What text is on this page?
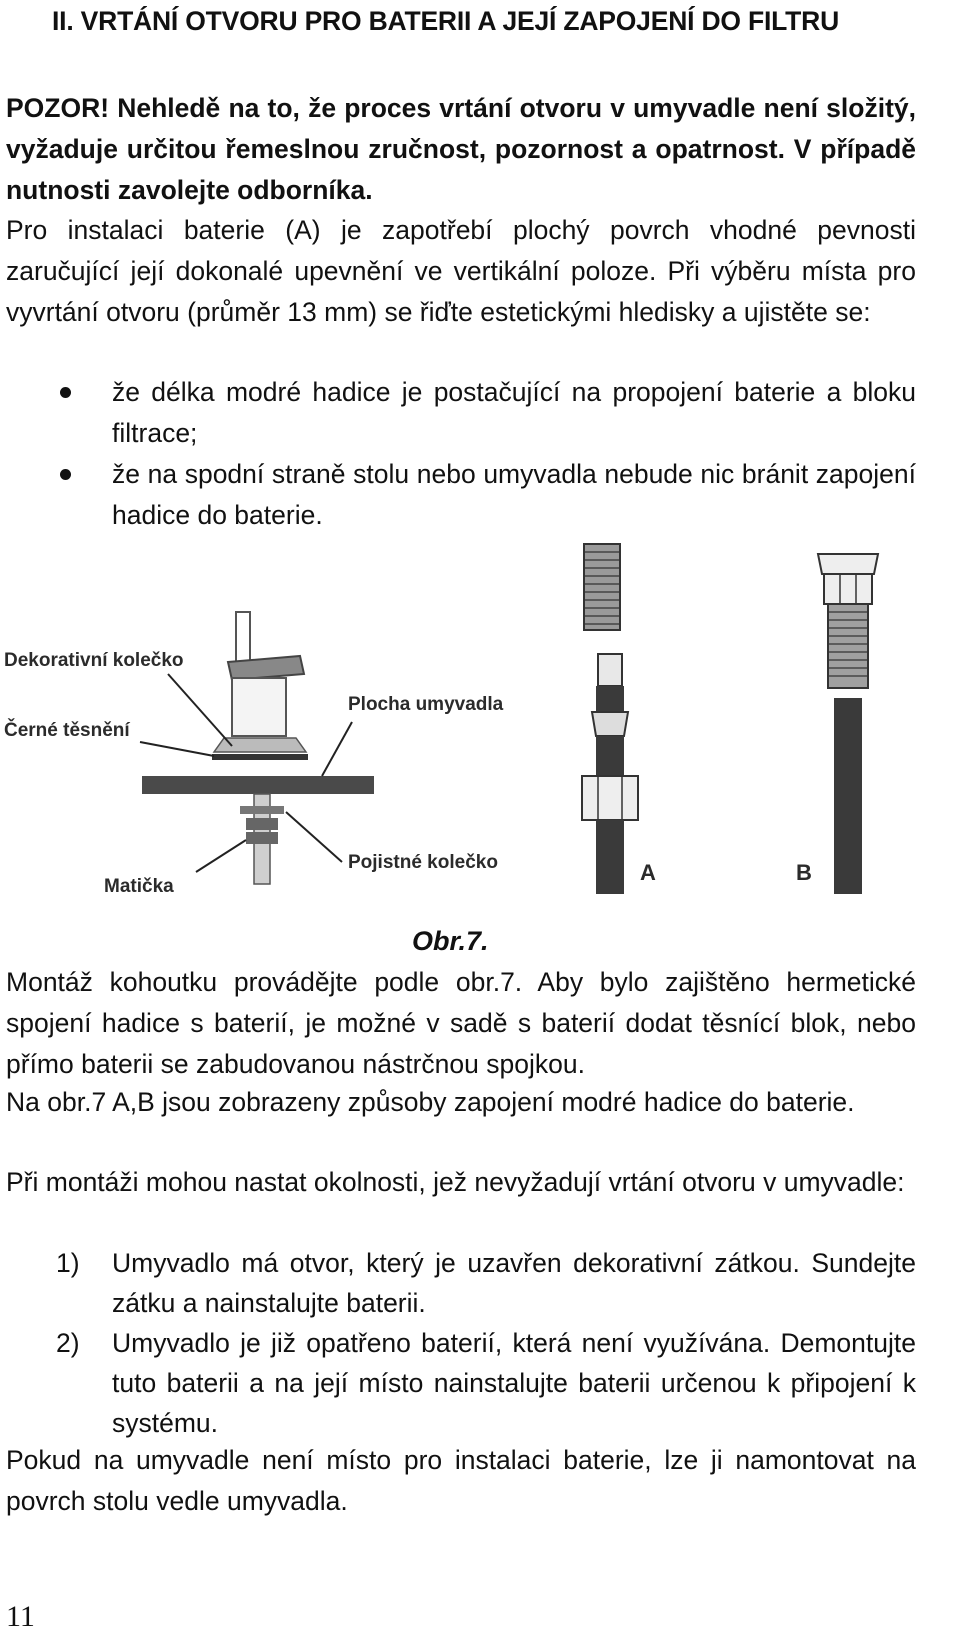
II. VRTÁNÍ OTVORU PRO BATERII A JEJÍ ZAPOJENÍ DO FILTRU

POZOR! Nehledě na to, že proces vrtání otvoru v umyvadle není složitý, vyžaduje určitou řemeslnou zručnost, pozornost a opatrnost. V případě nutnosti zavolejte odborníka.

Pro instalaci baterie (A) je zapotřebí plochý povrch vhodné pevnosti zaručující její dokonalé upevnění ve vertikální poloze. Při výběru místa pro vyvrtání otvoru (průměr 13 mm) se řiďte estetickými hledisky a ujistěte se:

že délka modré hadice je postačující na propojení baterie a bloku filtrace;
že na spodní straně stolu nebo umyvadla nebude nic bránit zapojení hadice do baterie.
Dekorativní kolečko
Černé těsnění
Plocha umyvadla
Pojistné kolečko
Matička
A	B
Obr.7.

Montáž kohoutku provádějte podle obr.7. Aby bylo zajištěno hermetické spojení hadice s baterií, je možné v sadě s baterií dodat těsnící blok, nebo přímo baterii se zabudovanou nástrčnou spojkou.

Na obr.7 A,B jsou zobrazeny způsoby zapojení modré hadice do baterie.

Při montáži mohou nastat okolnosti, jež nevyžadují vrtání otvoru v umyvadle:

1) Umyvadlo má otvor, který je uzavřen dekorativní zátkou. Sundejte zátku a nainstalujte baterii.
2) Umyvadlo je již opatřeno baterií, která není využívána. Demontujte tuto baterii a na její místo nainstalujte baterii určenou k připojení k systému.

Pokud na umyvadle není místo pro instalaci baterie, lze ji namontovat na povrch stolu vedle umyvadla.

11
